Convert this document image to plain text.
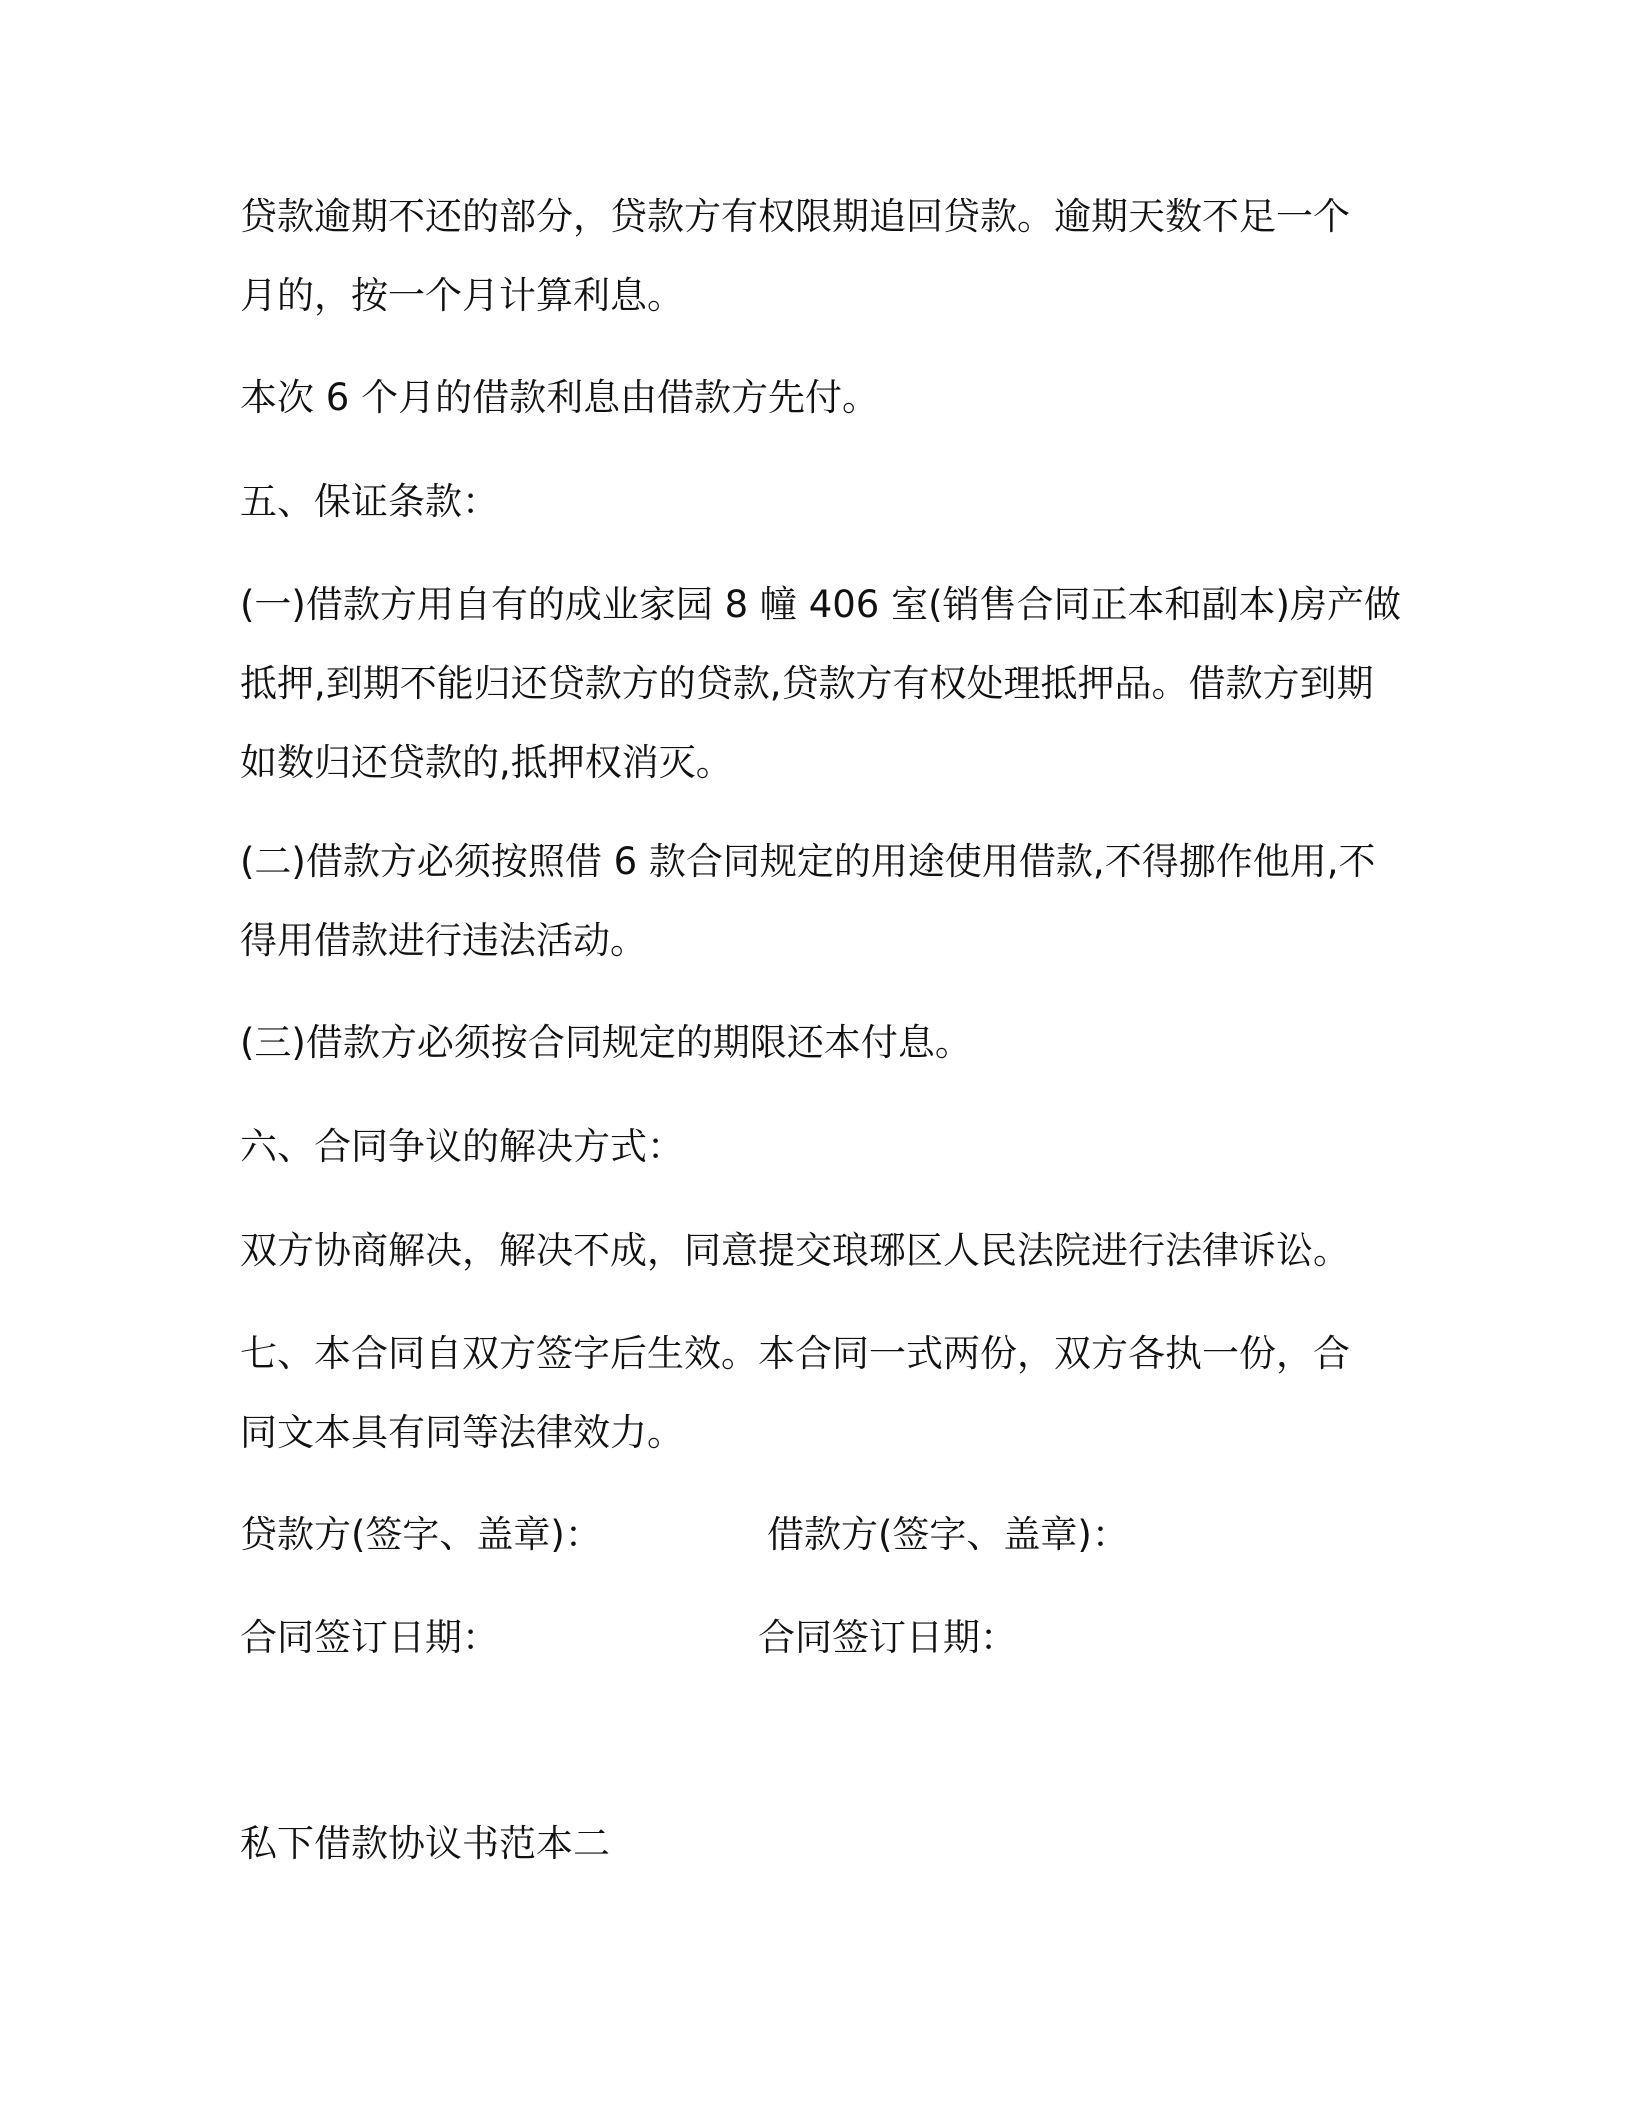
贷款逾期不还的部分，贷款方有权限期追回贷款。逾期天数不足一个
月的，按一个月计算利息。
本次 6 个月的借款利息由借款方先付。
五、保证条款：
(一)借款方用自有的成业家园 8 幢 406 室(销售合同正本和副本)房产做
抵押,到期不能归还贷款方的贷款,贷款方有权处理抵押品。借款方到期
如数归还贷款的,抵押权消灭。
(二)借款方必须按照借 6 款合同规定的用途使用借款,不得挪作他用,不
得用借款进行违法活动。
(三)借款方必须按合同规定的期限还本付息。
六、合同争议的解决方式：
双方协商解决，解决不成，同意提交琅琊区人民法院进行法律诉讼。
七、本合同自双方签字后生效。本合同一式两份，双方各执一份，合
同文本具有同等法律效力。
贷款方(签字、盖章)：	借款方(签字、盖章)：
合同签订日期：	合同签订日期：
私下借款协议书范本二
